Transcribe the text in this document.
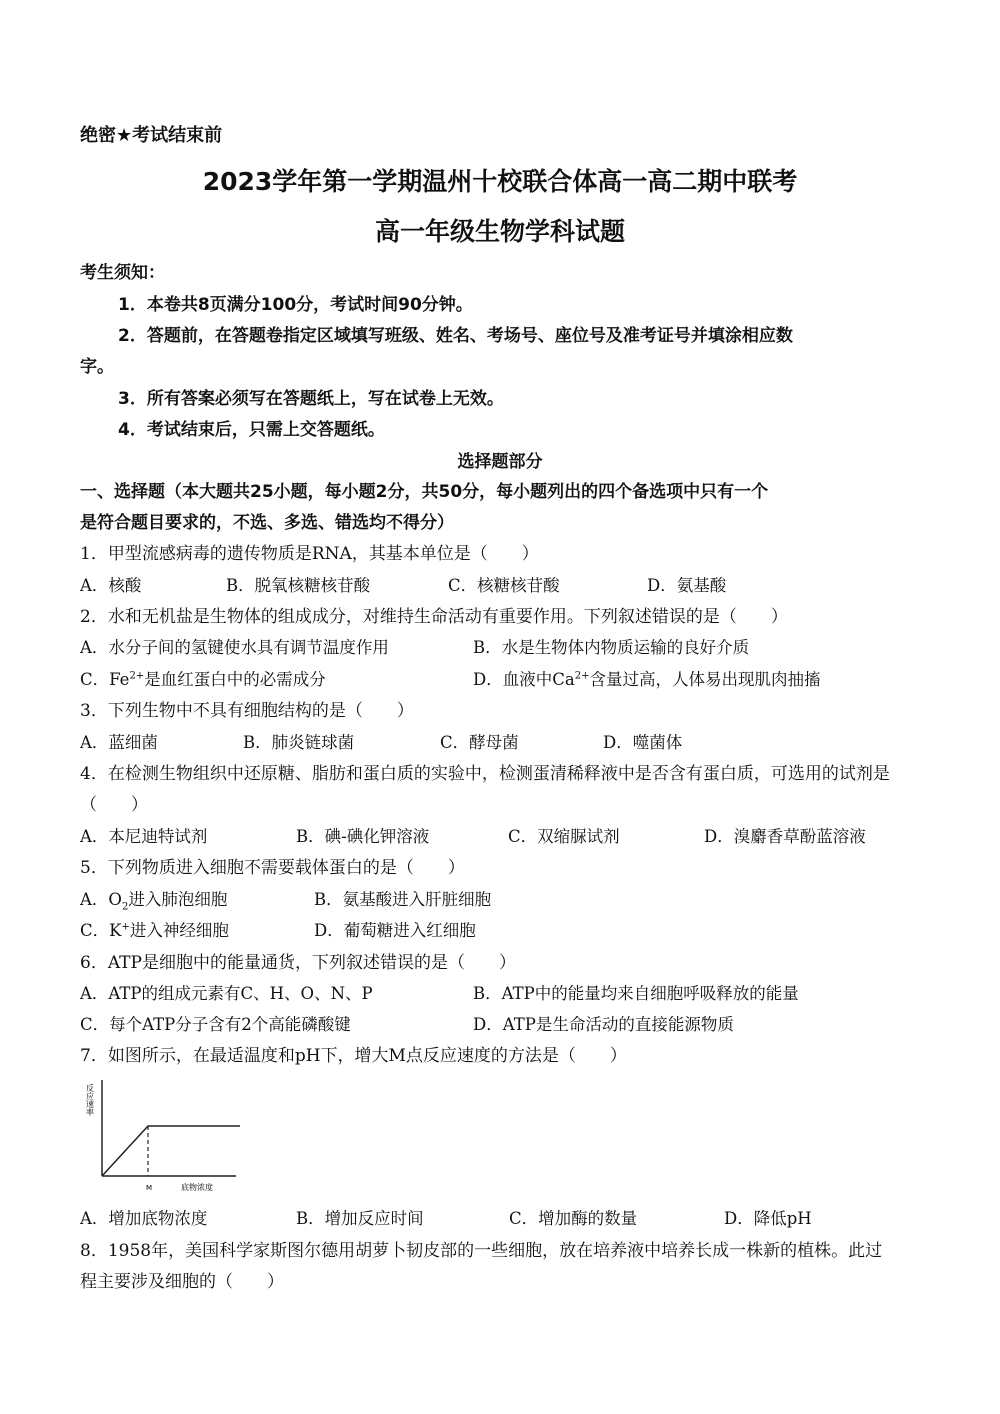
绝密★考试结束前
2023学年第一学期温州十校联合体高一高二期中联考
高一年级生物学科试题
考生须知：
1．本卷共8页满分100分，考试时间90分钟。
2．答题前，在答题卷指定区域填写班级、姓名、考场号、座位号及准考证号并填涂相应数
字。
3．所有答案必须写在答题纸上，写在试卷上无效。
4．考试结束后，只需上交答题纸。
选择题部分
一、选择题（本大题共25小题，每小题2分，共50分，每小题列出的四个备选项中只有一个
是符合题目要求的，不选、多选、错选均不得分）
1．甲型流感病毒的遗传物质是RNA，其基本单位是（　　）
A．核酸	B．脱氧核糖核苷酸	C．核糖核苷酸	D．氨基酸
2．水和无机盐是生物体的组成成分，对维持生命活动有重要作用。下列叙述错误的是（　　）
A．水分子间的氢键使水具有调节温度作用	B．水是生物体内物质运输的良好介质
C．$Fe^{2+}$是血红蛋白中的必需成分	D．血液中$Ca^{2+}$含量过高，人体易出现肌肉抽搐
3．下列生物中不具有细胞结构的是（　　）
A．蓝细菌	B．肺炎链球菌	C．酵母菌	D．噬菌体
4．在检测生物组织中还原糖、脂肪和蛋白质的实验中，检测蛋清稀释液中是否含有蛋白质，可选用的试剂是
（　　）
A．本尼迪特试剂	B．碘-碘化钾溶液	C．双缩脲试剂	D．溴麝香草酚蓝溶液
5．下列物质进入细胞不需要载体蛋白的是（　　）
A．$O_2$进入肺泡细胞	B．氨基酸进入肝脏细胞
C．K+进入神经细胞	D．葡萄糖进入红细胞
6．ATP是细胞中的能量通货，下列叙述错误的是（　　）
A．ATP的组成元素有C、H、O、N、P	B．ATP中的能量均来自细胞呼吸释放的能量
C．每个ATP分子含有2个高能磷酸键	D．ATP是生命活动的直接能源物质
7．如图所示，在最适温度和pH下，增大M点反应速度的方法是（　　）
反应速率
底物浓度
M
A．增加底物浓度	B．增加反应时间	C．增加酶的数量	D．降低pH
8．1958年，美国科学家斯图尔德用胡萝卜韧皮部的一些细胞，放在培养液中培养长成一株新的植株。此过
程主要涉及细胞的（　　）
